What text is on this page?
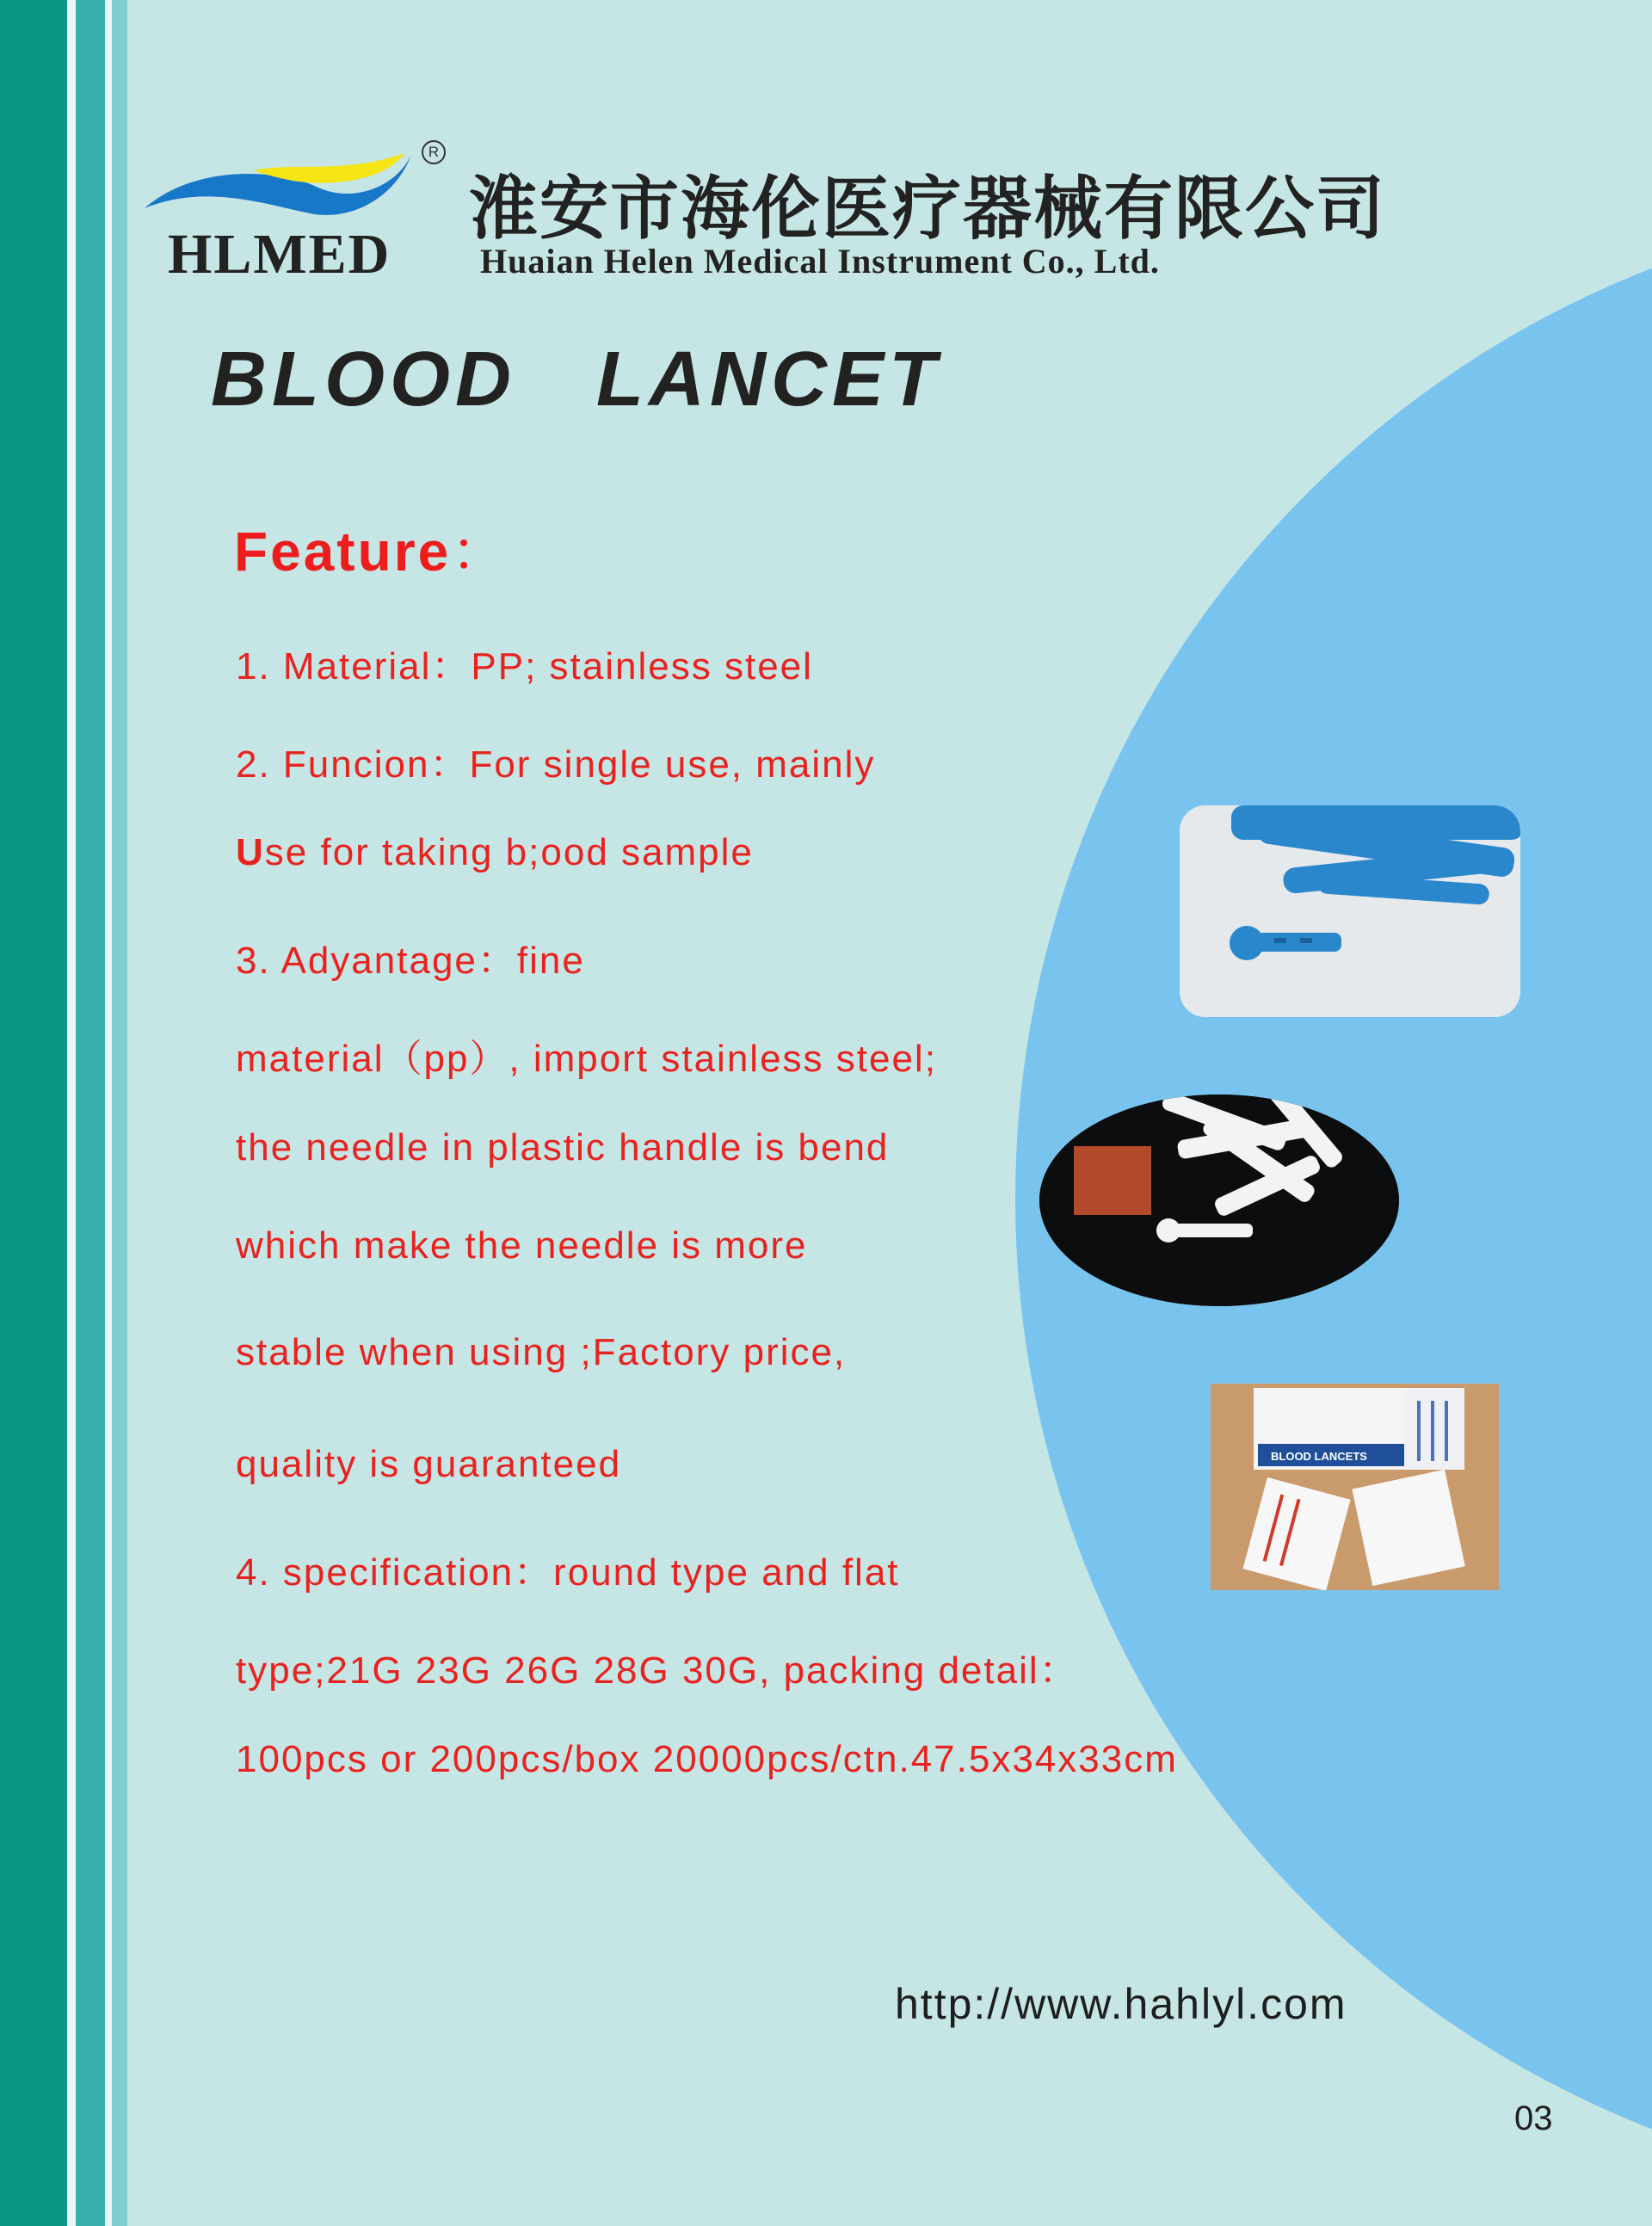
R
HLMED
淮安市海伦医疗器械有限公司
Huaian Helen Medical Instrument Co., Ltd.
BLOOD   LANCET
Feature：
1. Material：PP; stainless steel
2. Funcion：For single use, mainly
Use for taking b;ood sample
3. Adyantage：fine
material（pp）, import stainless steel;
the needle in plastic handle is bend
which make the needle is more
stable when using ;Factory price,
quality is guaranteed
4. specification：round type and flat
type;21G 23G 26G 28G 30G, packing detail：
100pcs or 200pcs/box 20000pcs/ctn.47.5x34x33cm
BLOOD LANCETS
http://www.hahlyl.com
03
